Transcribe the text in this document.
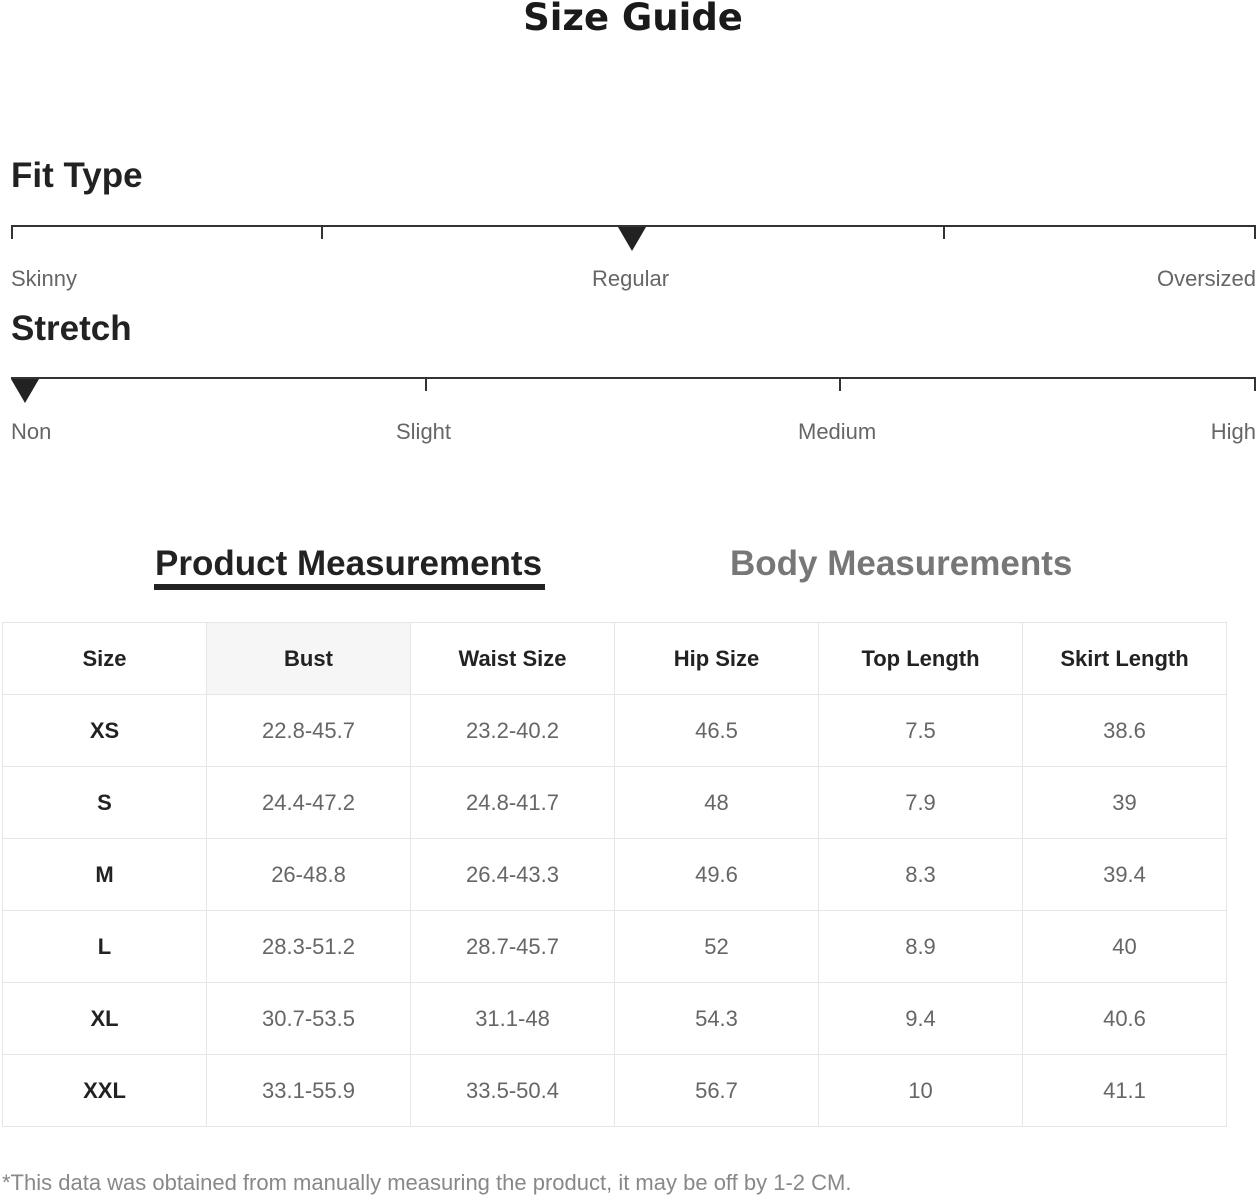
Size Guide
Fit Type
Skinny	Regular	Oversized
Stretch
Non	Slight	Medium	High
Product Measurements	Body Measurements
Size	Bust	Waist Size	Hip Size	Top Length	Skirt Length
XS	22.8-45.7	23.2-40.2	46.5	7.5	38.6
S	24.4-47.2	24.8-41.7	48	7.9	39
M	26-48.8	26.4-43.3	49.6	8.3	39.4
L	28.3-51.2	28.7-45.7	52	8.9	40
XL	30.7-53.5	31.1-48	54.3	9.4	40.6
XXL	33.1-55.9	33.5-50.4	56.7	10	41.1
*This data was obtained from manually measuring the product, it may be off by 1-2 CM.
